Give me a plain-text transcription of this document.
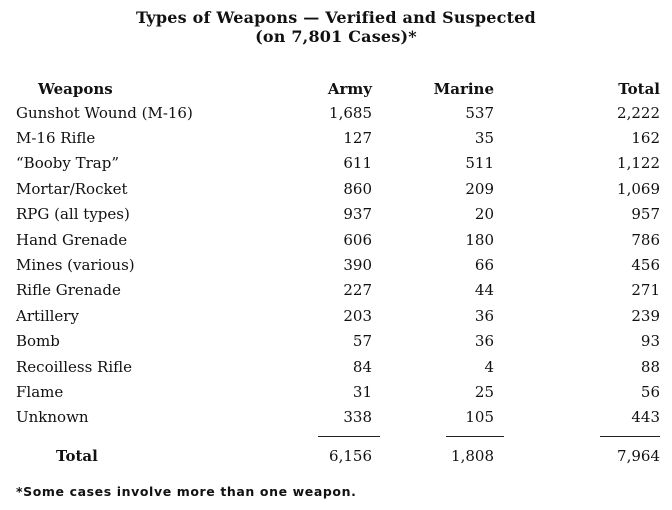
Types of Weapons — Verified and Suspected
(on 7,801 Cases)*
Weapons	Army	Marine	Total
Gunshot Wound (M-16)	1,685	537	2,222
M-16 Rifle	127	35	162
“Booby Trap”	611	511	1,122
Mortar/Rocket	860	209	1,069
RPG (all types)	937	20	957
Hand Grenade	606	180	786
Mines (various)	390	66	456
Rifle Grenade	227	44	271
Artillery	203	36	239
Bomb	57	36	93
Recoilless Rifle	84	4	88
Flame	31	25	56
Unknown	338	105	443

Total	6,156	1,808	7,964
*Some cases involve more than one weapon.
